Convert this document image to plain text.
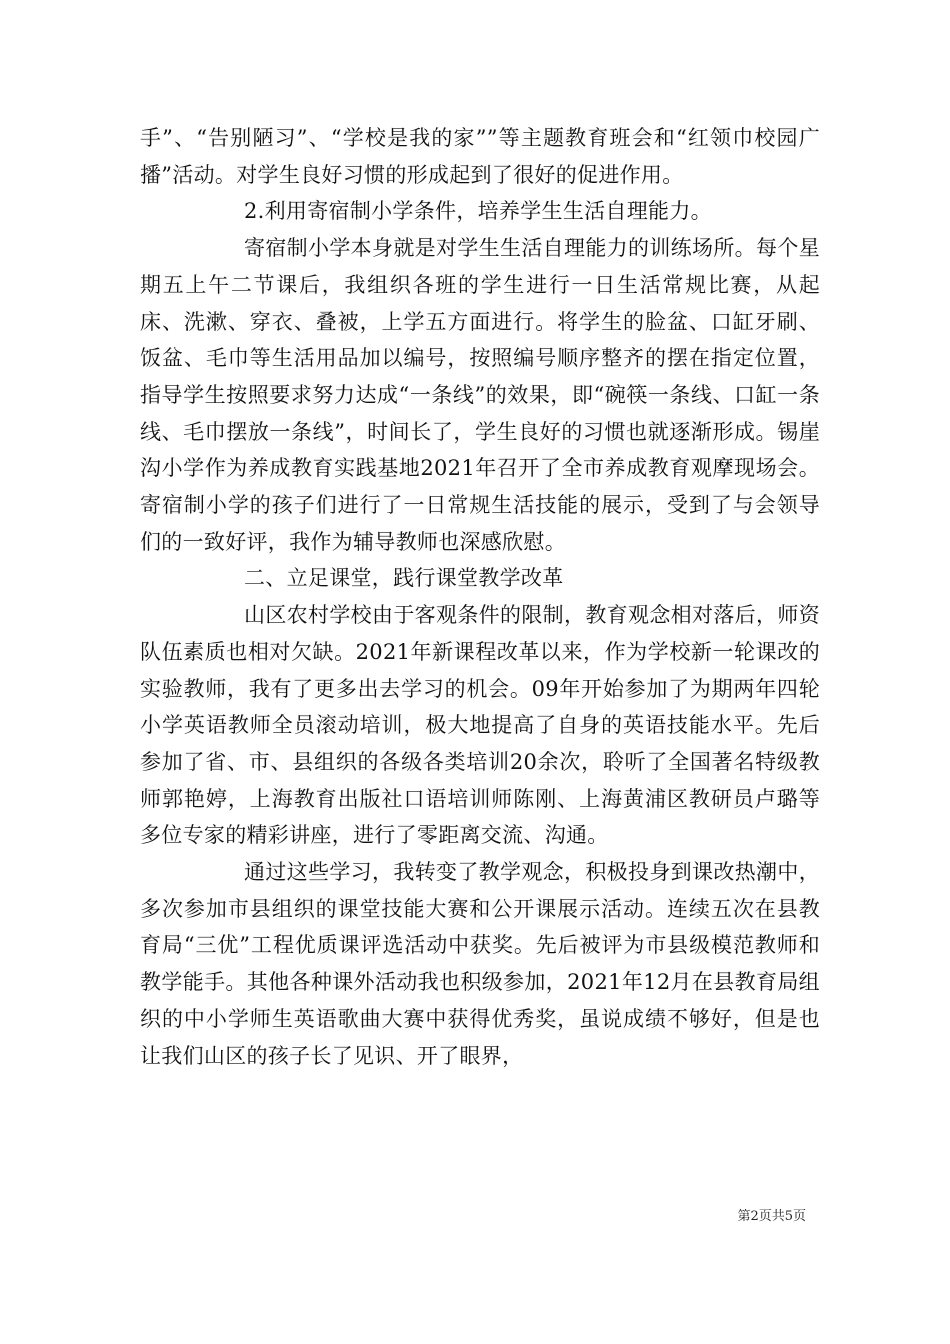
手”、“告别陋习”、“学校是我的家””等主题教育班会和“红领巾校园广播”活动。对学生良好习惯的形成起到了很好的促进作用。

2.利用寄宿制小学条件，培养学生生活自理能力。

寄宿制小学本身就是对学生生活自理能力的训练场所。每个星期五上午二节课后，我组织各班的学生进行一日生活常规比赛，从起床、洗漱、穿衣、叠被，上学五方面进行。将学生的脸盆、口缸牙刷、饭盆、毛巾等生活用品加以编号，按照编号顺序整齐的摆在指定位置，指导学生按照要求努力达成“一条线”的效果，即“碗筷一条线、口缸一条线、毛巾摆放一条线”，时间长了，学生良好的习惯也就逐渐形成。锡崖沟小学作为养成教育实践基地2021年召开了全市养成教育观摩现场会。寄宿制小学的孩子们进行了一日常规生活技能的展示，受到了与会领导们的一致好评，我作为辅导教师也深感欣慰。

二、立足课堂，践行课堂教学改革

山区农村学校由于客观条件的限制，教育观念相对落后，师资队伍素质也相对欠缺。2021年新课程改革以来，作为学校新一轮课改的实验教师，我有了更多出去学习的机会。09年开始参加了为期两年四轮小学英语教师全员滚动培训，极大地提高了自身的英语技能水平。先后参加了省、市、县组织的各级各类培训20余次，聆听了全国著名特级教师郭艳婷，上海教育出版社口语培训师陈刚、上海黄浦区教研员卢璐等多位专家的精彩讲座，进行了零距离交流、沟通。

通过这些学习，我转变了教学观念，积极投身到课改热潮中，多次参加市县组织的课堂技能大赛和公开课展示活动。连续五次在县教育局“三优”工程优质课评选活动中获奖。先后被评为市县级模范教师和教学能手。其他各种课外活动我也积级参加，2021年12月在县教育局组织的中小学师生英语歌曲大赛中获得优秀奖，虽说成绩不够好，但是也让我们山区的孩子长了见识、开了眼界，

第2页共5页
